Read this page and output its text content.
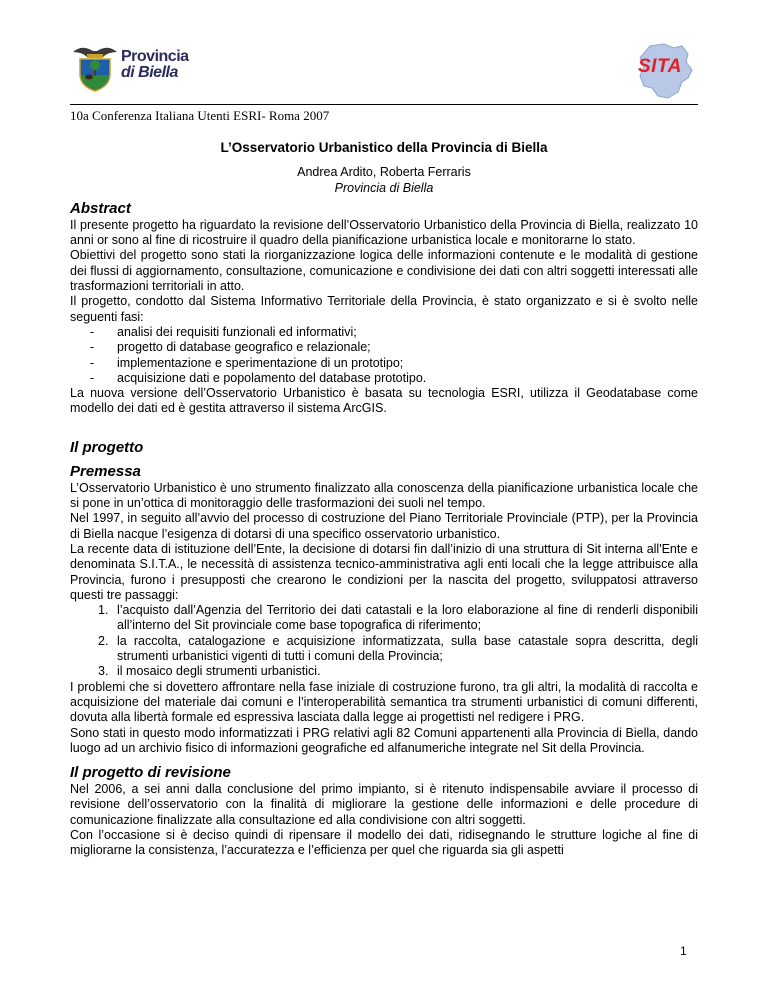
Provincia
di Biella	SITA
10a Conferenza Italiana Utenti ESRI- Roma 2007

L’Osservatorio Urbanistico della Provincia di Biella

Andrea Ardito, Roberta Ferraris

Provincia di Biella

Abstract

Il presente progetto ha riguardato la revisione dell’Osservatorio Urbanistico della Provincia di Biella, realizzato 10 anni or sono al fine di ricostruire il quadro della pianificazione urbanistica locale e monitorarne lo stato.

Obiettivi del progetto sono stati la riorganizzazione logica delle informazioni contenute e le modalità di gestione dei flussi di aggiornamento, consultazione, comunicazione e condivisione dei dati con altri soggetti interessati alle trasformazioni territoriali in atto.

Il progetto, condotto dal Sistema Informativo Territoriale della Provincia, è stato organizzato e si è svolto nelle seguenti fasi:

- analisi dei requisiti funzionali ed informativi;
- progetto di database geografico e relazionale;
- implementazione e sperimentazione di un prototipo;
- acquisizione dati e popolamento del database prototipo.

La nuova versione dell’Osservatorio Urbanistico è basata su tecnologia ESRI, utilizza il Geodatabase come modello dei dati ed è gestita attraverso il sistema ArcGIS.

Il progetto
Premessa

L’Osservatorio Urbanistico è uno strumento finalizzato alla conoscenza della pianificazione urbanistica locale che si pone in un’ottica di monitoraggio delle trasformazioni dei suoli nel tempo.

Nel 1997, in seguito all’avvio del processo di costruzione del Piano Territoriale Provinciale (PTP), per la Provincia di Biella nacque l’esigenza di dotarsi di una specifico osservatorio urbanistico.

La recente data di istituzione dell’Ente, la decisione di dotarsi fin dall’inizio di una struttura di Sit interna all'Ente e denominata S.I.T.A., le necessità di assistenza tecnico-amministrativa agli enti locali che la legge attribuisce alla Provincia, furono i presupposti che crearono le condizioni per la nascita del progetto, sviluppatosi attraverso questi tre passaggi:

1. l’acquisto dall’Agenzia del Territorio dei dati catastali e la loro elaborazione al fine di renderli disponibili all’interno del Sit provinciale come base topografica di riferimento;
2. la raccolta, catalogazione e acquisizione informatizzata, sulla base catastale sopra descritta, degli strumenti urbanistici vigenti di tutti i comuni della Provincia;
3. il mosaico degli strumenti urbanistici.

I problemi che si dovettero affrontare nella fase iniziale di costruzione furono, tra gli altri, la modalità di raccolta e acquisizione del materiale dai comuni e l’interoperabilità semantica tra strumenti urbanistici di comuni differenti, dovuta alla libertà formale ed espressiva lasciata dalla legge ai progettisti nel redigere i PRG.

Sono stati in questo modo informatizzati i PRG relativi agli 82 Comuni appartenenti alla Provincia di Biella, dando luogo ad un archivio fisico di informazioni geografiche ed alfanumeriche integrate nel Sit della Provincia.

Il progetto di revisione

Nel 2006, a sei anni dalla conclusione del primo impianto, si è ritenuto indispensabile avviare il processo di revisione dell’osservatorio con la finalità di migliorare la gestione delle informazioni e delle procedure di comunicazione finalizzate alla consultazione ed alla condivisione con altri soggetti.

Con l’occasione si è deciso quindi di ripensare il modello dei dati, ridisegnando le strutture logiche al fine di migliorarne la consistenza, l’accuratezza e l’efficienza per quel che riguarda sia gli aspetti

1
